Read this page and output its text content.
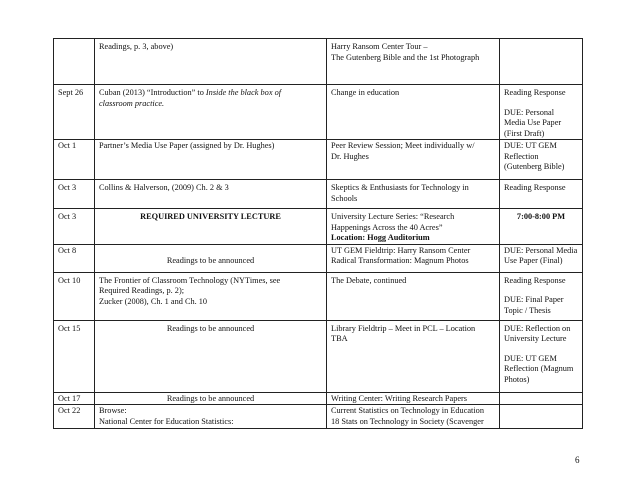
	Readings, p. 3, above)	Harry Ransom Center Tour –
The Gutenberg Bible and the 1st Photograph	

Sept 26	Cuban (2013) “Introduction” to Inside the black box of
classroom practice.	Change in education	Reading Response
DUE: Personal
Media Use Paper
(First Draft)

Oct 1	Partner’s Media Use Paper (assigned by Dr. Hughes)	Peer Review Session; Meet individually w/
Dr. Hughes	DUE: UT GEM
Reflection
(Gutenberg Bible)

Oct 3	Collins & Halverson, (2009) Ch. 2 & 3	Skeptics & Enthusiasts for Technology in
Schools	Reading Response

Oct 3	REQUIRED UNIVERSITY LECTURE	University Lecture Series: “Research
Happenings Across the 40 Acres”
Location: Hogg Auditorium	7:00-8:00 PM

Oct 8	Readings to be announced	UT GEM Fieldtrip: Harry Ransom Center
Radical Transformation: Magnum Photos	DUE: Personal Media
Use Paper (Final)

Oct 10	The Frontier of Classroom Technology (NYTimes, see
Required Readings, p. 2);
Zucker (2008), Ch. 1 and Ch. 10	The Debate, continued	Reading Response
DUE: Final Paper
Topic / Thesis

Oct 15	Readings to be announced	Library Fieldtrip – Meet in PCL – Location
TBA	DUE: Reflection on
University Lecture
DUE: UT GEM
Reflection (Magnum
Photos)

Oct 17	Readings to be announced	Writing Center: Writing Research Papers	

Oct 22	Browse:
National Center for Education Statistics:	Current Statistics on Technology in Education
18 Stats on Technology in Society (Scavenger	

6
